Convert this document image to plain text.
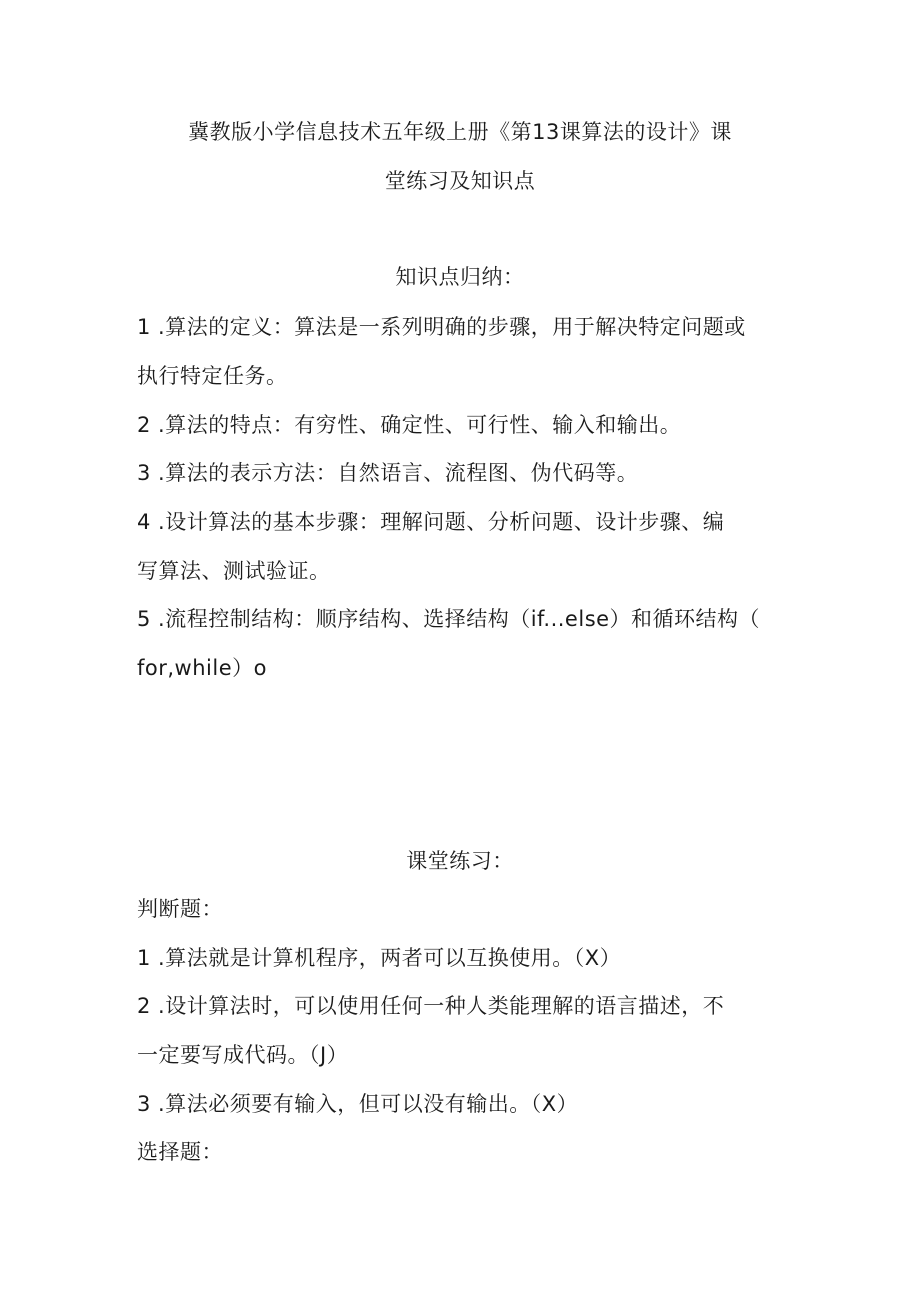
冀教版小学信息技术五年级上册《第13课算法的设计》课
堂练习及知识点
知识点归纳：
1 .算法的定义：算法是一系列明确的步骤，用于解决特定问题或
执行特定任务。
2 .算法的特点：有穷性、确定性、可行性、输入和输出。
3 .算法的表示方法：自然语言、流程图、伪代码等。
4 .设计算法的基本步骤：理解问题、分析问题、设计步骤、编
写算法、测试验证。
5 .流程控制结构：顺序结构、选择结构（if...else）和循环结构（
for,while）o
课堂练习：
判断题：
1 .算法就是计算机程序，两者可以互换使用。（X）
2 .设计算法时，可以使用任何一种人类能理解的语言描述，不
一定要写成代码。（J）
3 .算法必须要有输入，但可以没有输出。（X）
选择题：
